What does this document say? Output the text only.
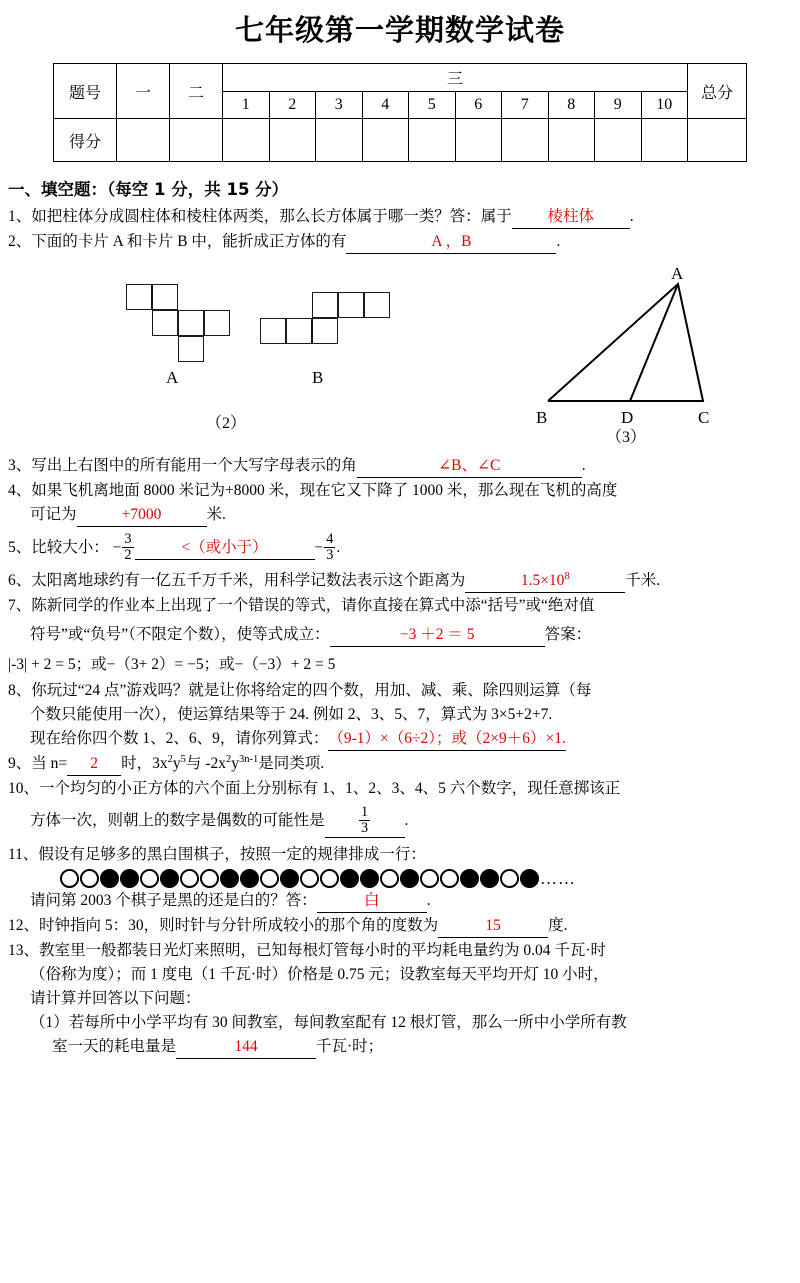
七年级第一学期数学试卷
题号	一	二	三										总分
			1	2	3	4	5	6	7	8	9	10	
得分													
一、填空题：（每空 1 分，共 15 分）
1、如把柱体分成圆柱体和棱柱体两类，那么长方体属于哪一类？答：属于 棱柱体 .
2、下面的卡片 A 和卡片 B 中，能折成正方体的有	A ，B	.
A	B
（2）
A
B	D	C
（3）
3、写出上右图中的所有能用一个大写字母表示的角	∠B、∠C	.
4、如果飞机离地面 8000 米记为+8000 米，现在它又下降了 1000 米，那么现在飞机的高度
可记为	+7000	米.
5、比较大小： − $\frac{3}{2}$	<（或小于）	− $\frac{4}{3}$ .
6、太阳离地球约有一亿五千万千米，用科学记数法表示这个距离为	$1.5\times 10^8$	千米.
7、陈新同学的作业本上出现了一个错误的等式，请你直接在算式中添“括号”或“绝对值
符号”或“负号”（不限定个数），使等式成立：	−3 ＋2 ＝ 5	答案：
|-3| + 2 = 5；或−（3+ 2）= −5；或−（−3）+ 2 = 5
8、你玩过“24 点”游戏吗？就是让你将给定的四个数，用加、减、乘、除四则运算（每
个数只能使用一次），使运算结果等于 24. 例如 2、3、5、7，算式为 3×5+2+7.
现在给你四个数 1、2、6、9，请你列算式：（9-1）×（6÷2）；或（2×9＋6）×1.
9、当 n= 2 时，$3x^2y^5$与 $-2x^2y^{3n-1}$是同类项.
10、一个均匀的小正方体的六个面上分别标有 1、1、2、3、4、5 六个数字，现任意掷该正
方体一次，则朝上的数字是偶数的可能性是 $\frac{1}{3}$ .
11、假设有足够多的黑白围棋子，按照一定的规律排成一行：
……
请问第 2003 个棋子是黑的还是白的？答：	白	.
12、时钟指向 5：30，则时针与分针所成较小的那个角的度数为	15	度.
13、教室里一般都装日光灯来照明，已知每根灯管每小时的平均耗电量约为 0.04 千瓦·时
（俗称为度）；而 1 度电（1 千瓦·时）价格是 0.75 元；设教室每天平均开灯 10 小时，
请计算并回答以下问题：
（1）若每所中小学平均有 30 间教室，每间教室配有 12 根灯管，那么一所中小学所有教
室一天的耗电量是	144	千瓦·时；
